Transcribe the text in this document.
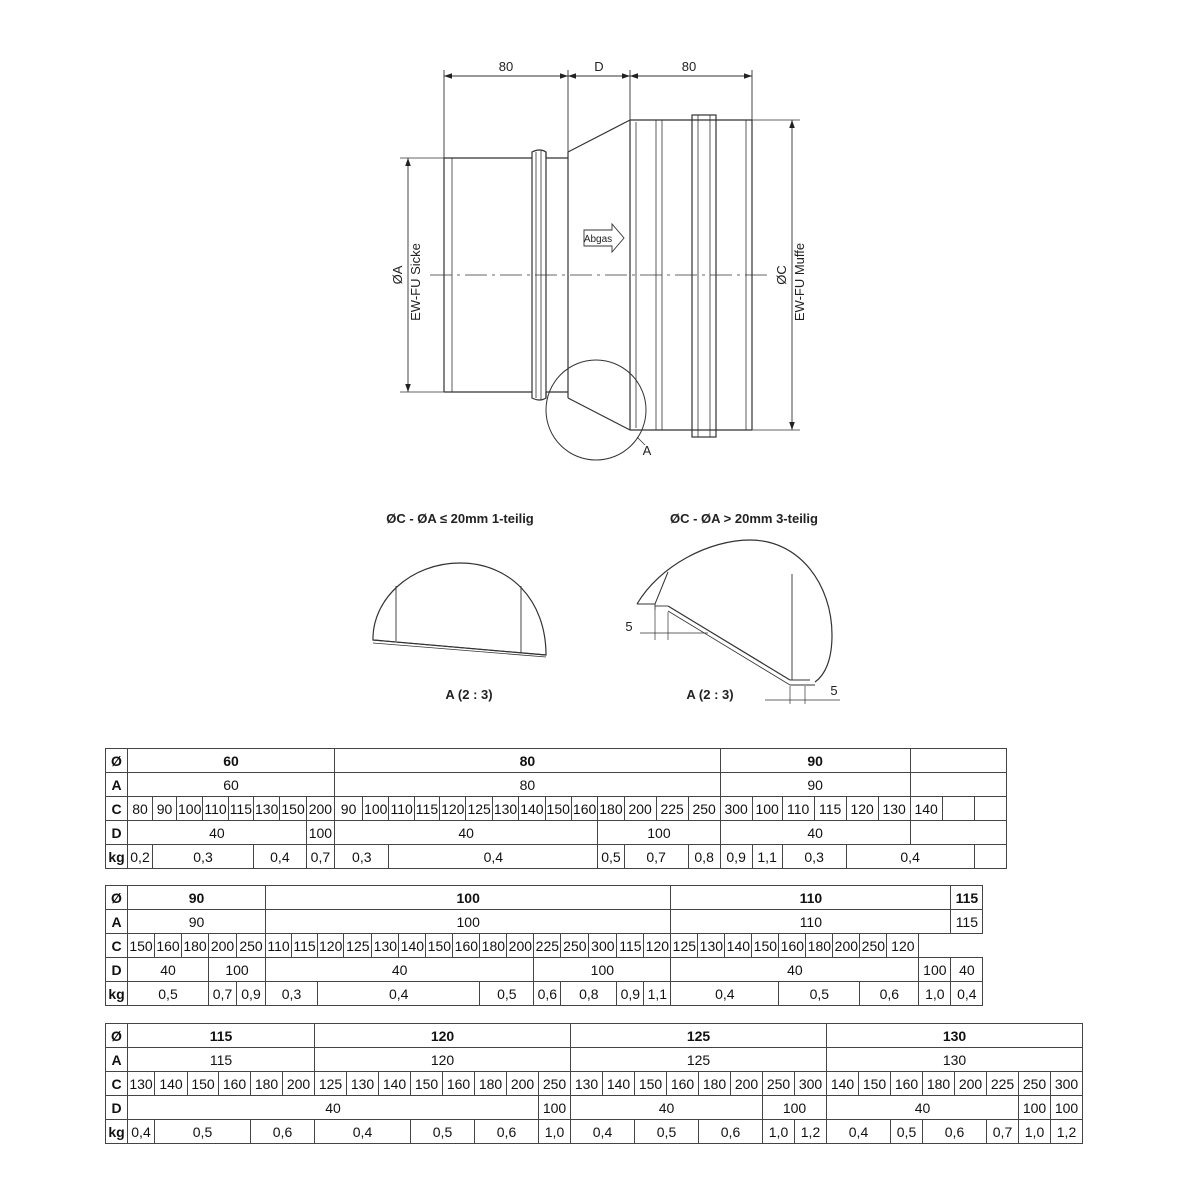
80	D	80
ØA EW-FU Sicke	ØC EW-FU Muffe
Abgas
A
ØC - ØA ≤ 20mm 1-teilig	ØC - ØA > 20mm 3-teilig
A (2 : 3)	A (2 : 3)
5
5
Ø	60								80														90								
A	60								80														90								
C	80	90	100	110	115	130	150	200	90	100	110	115	120	125	130	140	150	160	180	200	225	250	300	100	110	115	120	130	140		
D	40							100	40										100				40								
kg	0,2	0,3				0,4		0,7	0,3		0,4								0,5	0,7		0,8	0,9	1,1	0,3		0,4				
Ø	90					100															110										115
A	90					100															110										115
C	150	160	180	200	250	110	115	120	125	130	140	150	160	180	200	225	250	300	115	120	125	130	140	150	160	180	200	250	120		
D	40			100		40										100					40									100	40
kg	0,5			0,7	0,9	0,3		0,4						0,5		0,6	0,8		0,9	1,1	0,4				0,5			0,6		1,0	0,4
Ø	115						120								125								130							
A	115						120								125								130							
C	130	140	150	160	180	200	125	130	140	150	160	180	200	250	130	140	150	160	180	200	250	300	140	150	160	180	200	225	250	300
D	40													100	40						100		40						100	100
kg	0,4	0,5			0,6		0,4			0,5		0,6		1,0	0,4		0,5		0,6		1,0	1,2	0,4		0,5	0,6		0,7	1,0	1,2
